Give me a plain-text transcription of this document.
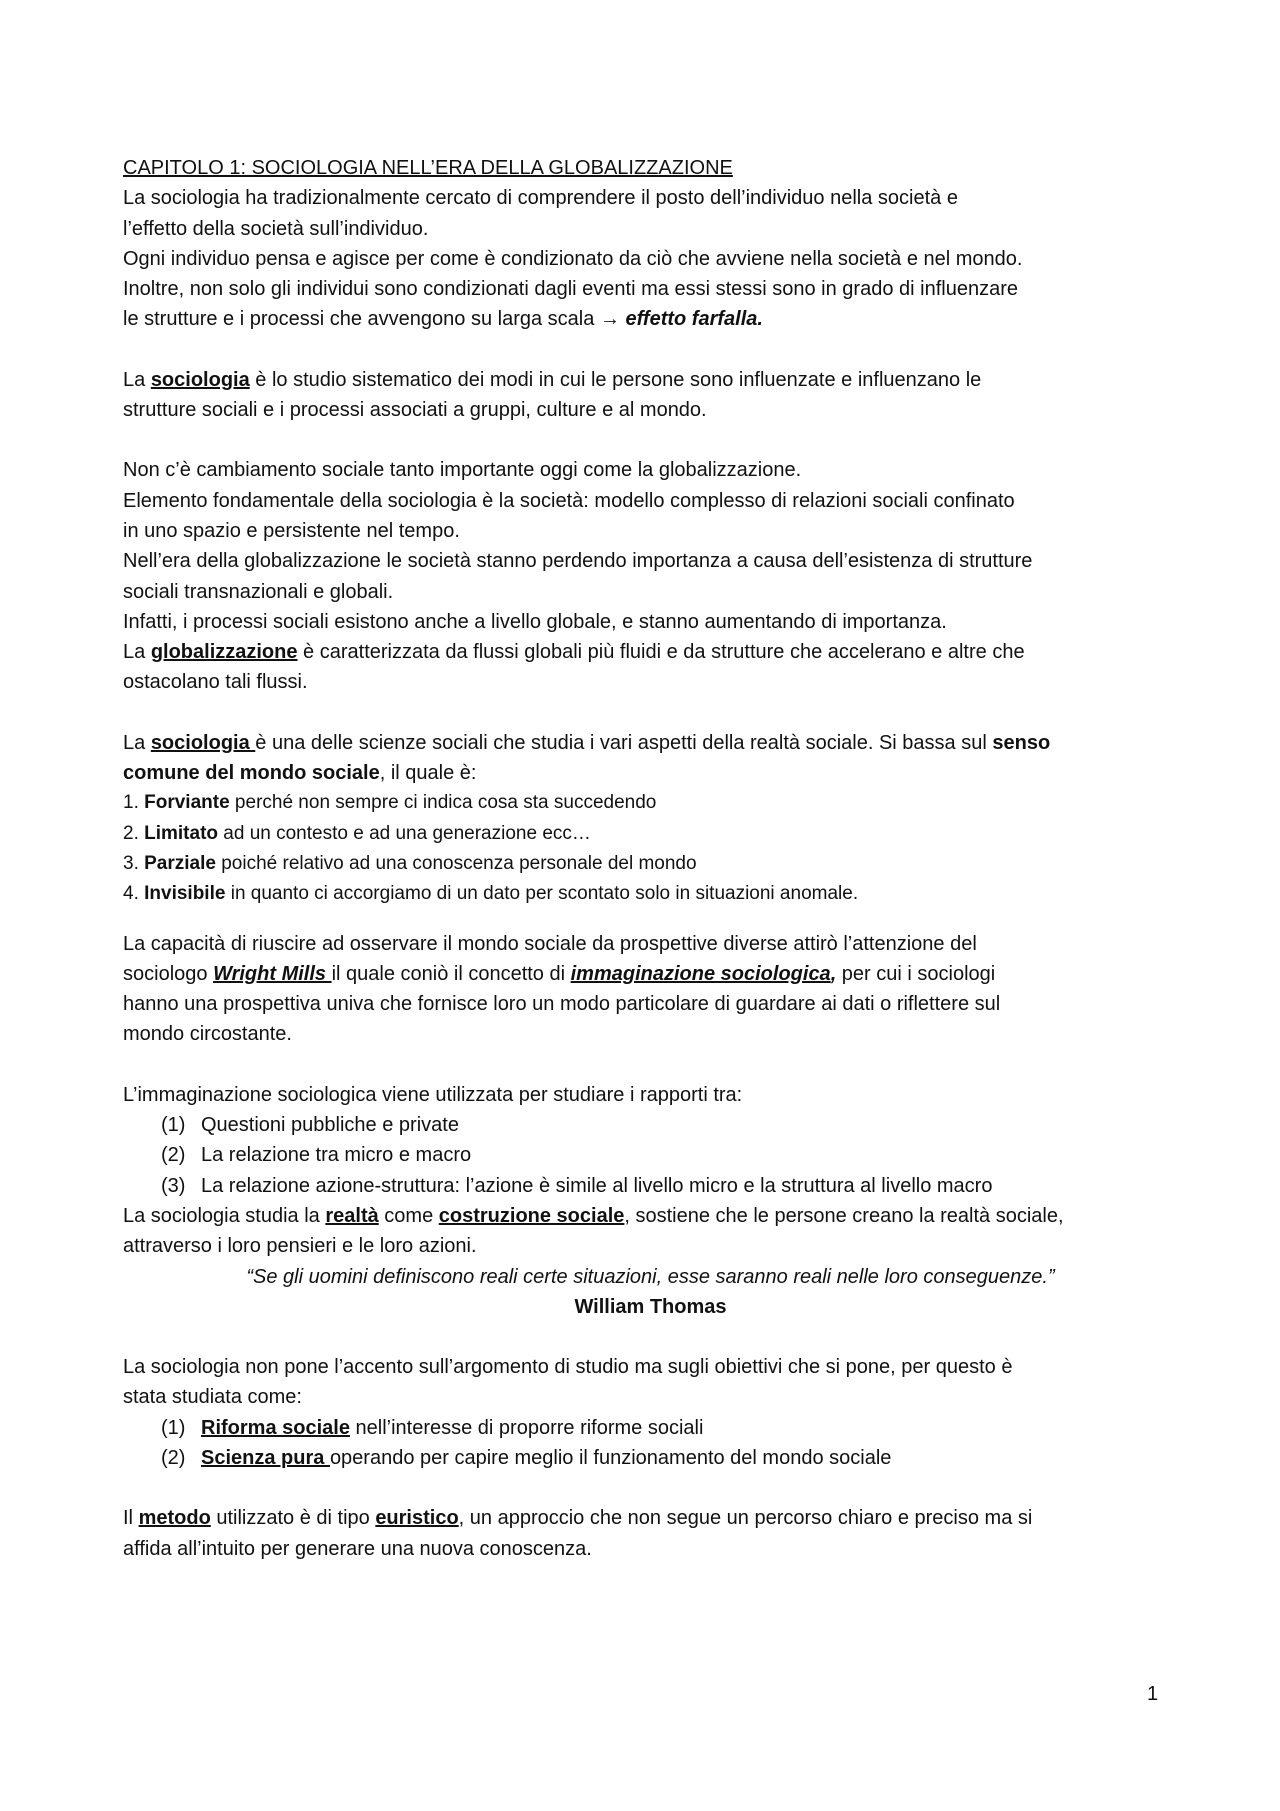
CAPITOLO 1: SOCIOLOGIA NELL’ERA DELLA GLOBALIZZAZIONE

La sociologia ha tradizionalmente cercato di comprendere il posto dell’individuo nella società e

l’effetto della società sull’individuo.

Ogni individuo pensa e agisce per come è condizionato da ciò che avviene nella società e nel mondo.

Inoltre, non solo gli individui sono condizionati dagli eventi ma essi stessi sono in grado di influenzare

le strutture e i processi che avvengono su larga scala → effetto farfalla.

La sociologia è lo studio sistematico dei modi in cui le persone sono influenzate e influenzano le

strutture sociali e i processi associati a gruppi, culture e al mondo.

Non c’è cambiamento sociale tanto importante oggi come la globalizzazione.

Elemento fondamentale della sociologia è la società: modello complesso di relazioni sociali confinato

in uno spazio e persistente nel tempo.

Nell’era della globalizzazione le società stanno perdendo importanza a causa dell’esistenza di strutture

sociali transnazionali e globali.

Infatti, i processi sociali esistono anche a livello globale, e stanno aumentando di importanza.

La globalizzazione è caratterizzata da flussi globali più fluidi e da strutture che accelerano e altre che

ostacolano tali flussi.

La sociologia è una delle scienze sociali che studia i vari aspetti della realtà sociale. Si bassa sul senso

comune del mondo sociale, il quale è:

1. Forviante perché non sempre ci indica cosa sta succedendo

2. Limitato ad un contesto e ad una generazione ecc…

3. Parziale poiché relativo ad una conoscenza personale del mondo

4. Invisibile in quanto ci accorgiamo di un dato per scontato solo in situazioni anomale.

La capacità di riuscire ad osservare il mondo sociale da prospettive diverse attirò l’attenzione del

sociologo Wright Mills il quale coniò il concetto di immaginazione sociologica, per cui i sociologi

hanno una prospettiva univa che fornisce loro un modo particolare di guardare ai dati o riflettere sul

mondo circostante.

L’immaginazione sociologica viene utilizzata per studiare i rapporti tra:

(1) Questioni pubbliche e private

(2) La relazione tra micro e macro

(3) La relazione azione-struttura: l’azione è simile al livello micro e la struttura al livello macro

La sociologia studia la realtà come costruzione sociale, sostiene che le persone creano la realtà sociale,

attraverso i loro pensieri e le loro azioni.

“Se gli uomini definiscono reali certe situazioni, esse saranno reali nelle loro conseguenze.”

William Thomas

La sociologia non pone l’accento sull’argomento di studio ma sugli obiettivi che si pone, per questo è

stata studiata come:

(1) Riforma sociale nell’interesse di proporre riforme sociali

(2) Scienza pura operando per capire meglio il funzionamento del mondo sociale

Il metodo utilizzato è di tipo euristico, un approccio che non segue un percorso chiaro e preciso ma si

affida all’intuito per generare una nuova conoscenza.

1
